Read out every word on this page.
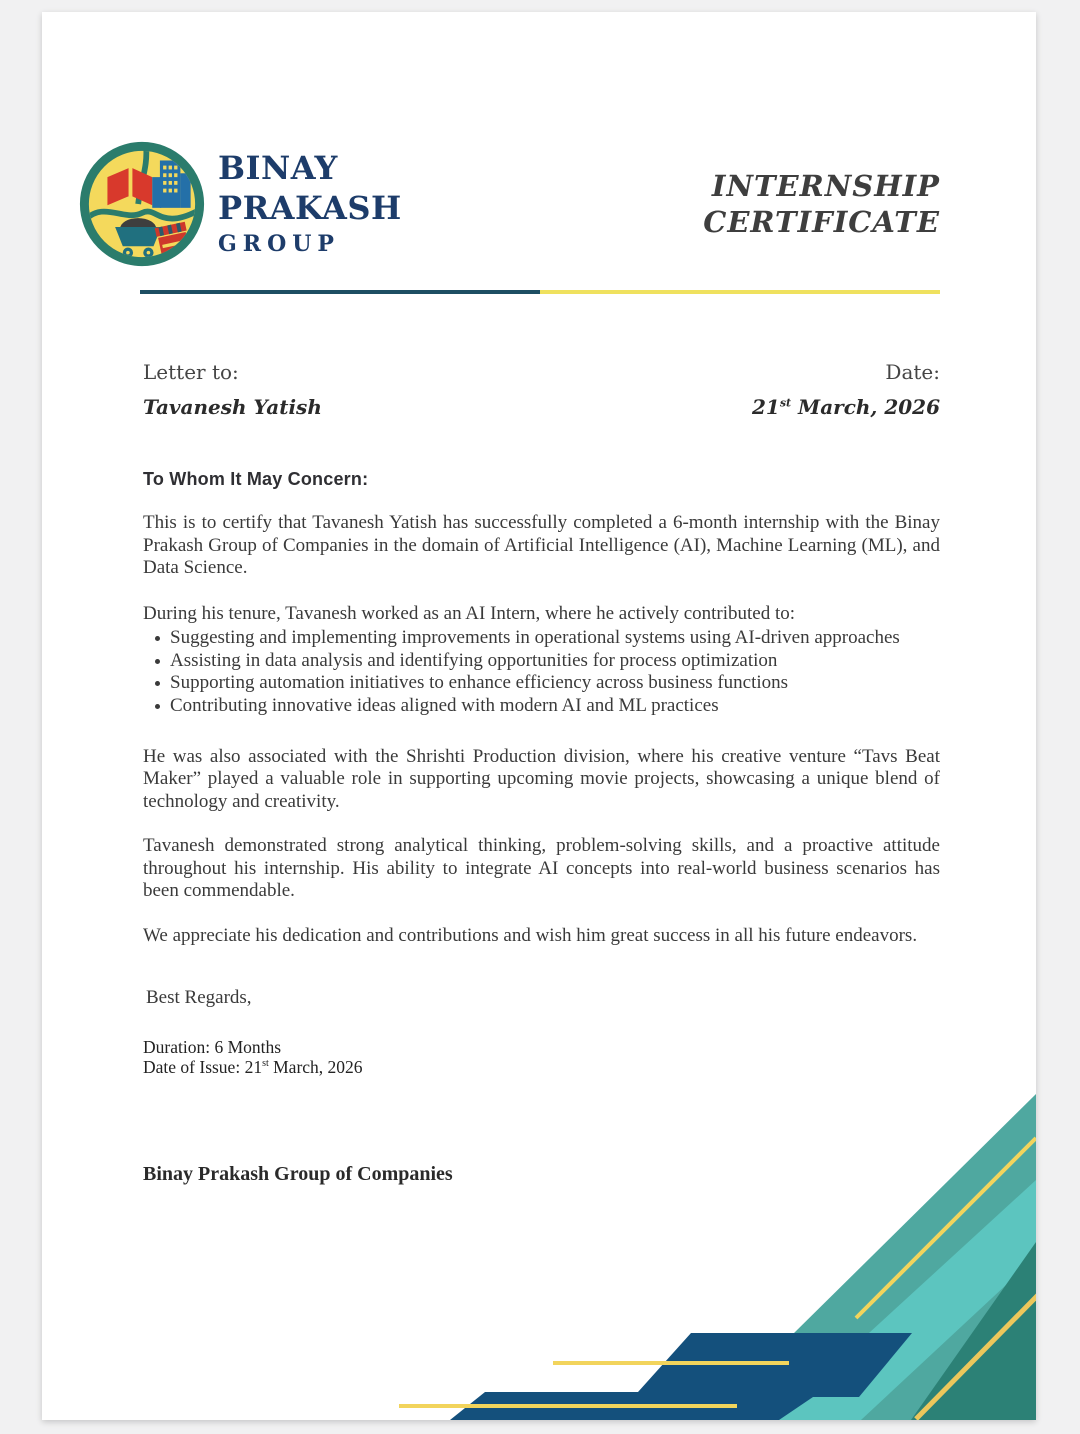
BINAY
PRAKASH
GROUP
INTERNSHIP
CERTIFICATE
Letter to:
Tavanesh Yatish
Date:
21st March, 2026
To Whom It May Concern:

This is to certify that Tavanesh Yatish has successfully completed a 6-month internship with the Binay Prakash Group of Companies in the domain of Artificial Intelligence (AI), Machine Learning (ML), and Data Science.

During his tenure, Tavanesh worked as an AI Intern, where he actively contributed to:

Suggesting and implementing improvements in operational systems using AI-driven approaches
Assisting in data analysis and identifying opportunities for process optimization
Supporting automation initiatives to enhance efficiency across business functions
Contributing innovative ideas aligned with modern AI and ML practices

He was also associated with the Shrishti Production division, where his creative venture “Tavs Beat Maker” played a valuable role in supporting upcoming movie projects, showcasing a unique blend of technology and creativity.

Tavanesh demonstrated strong analytical thinking, problem-solving skills, and a proactive attitude throughout his internship. His ability to integrate AI concepts into real-world business scenarios has been commendable.

We appreciate his dedication and contributions and wish him great success in all his future endeavors.

Best Regards,

Duration: 6 Months
Date of Issue: 21st March, 2026
Binay Prakash Group of Companies
